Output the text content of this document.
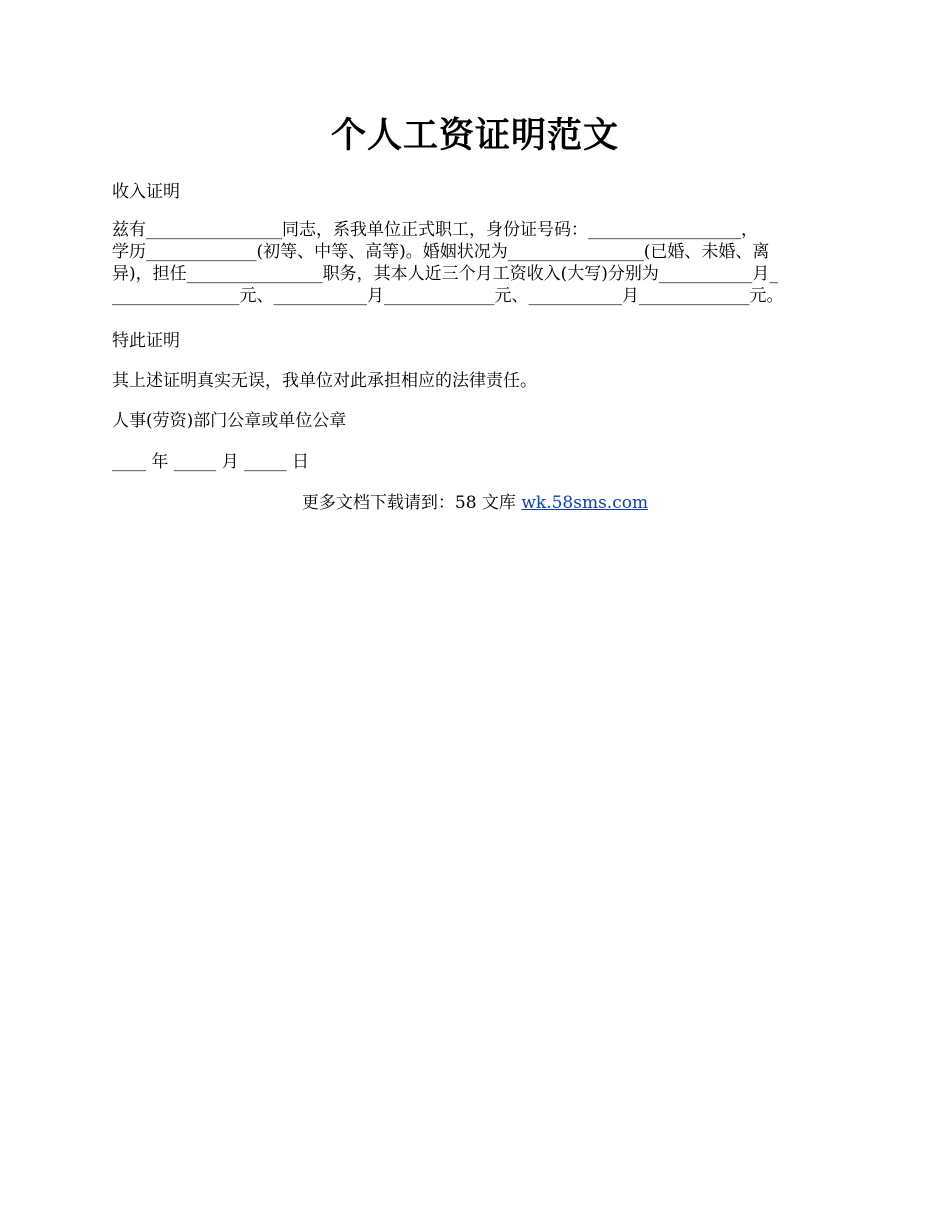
个人工资证明范文

收入证明

兹有________________同志，系我单位正式职工，身份证号码：__________________，
学历_____________(初等、中等、高等)。婚姻状况为________________(已婚、未婚、离
异)，担任________________职务，其本人近三个月工资收入(大写)分别为___________月_
_______________元、___________月_____________元、___________月_____________元。

特此证明

其上述证明真实无误，我单位对此承担相应的法律责任。

人事(劳资)部门公章或单位公章

____ 年 _____ 月 _____ 日

更多文档下载请到：58 文库 wk.58sms.com
